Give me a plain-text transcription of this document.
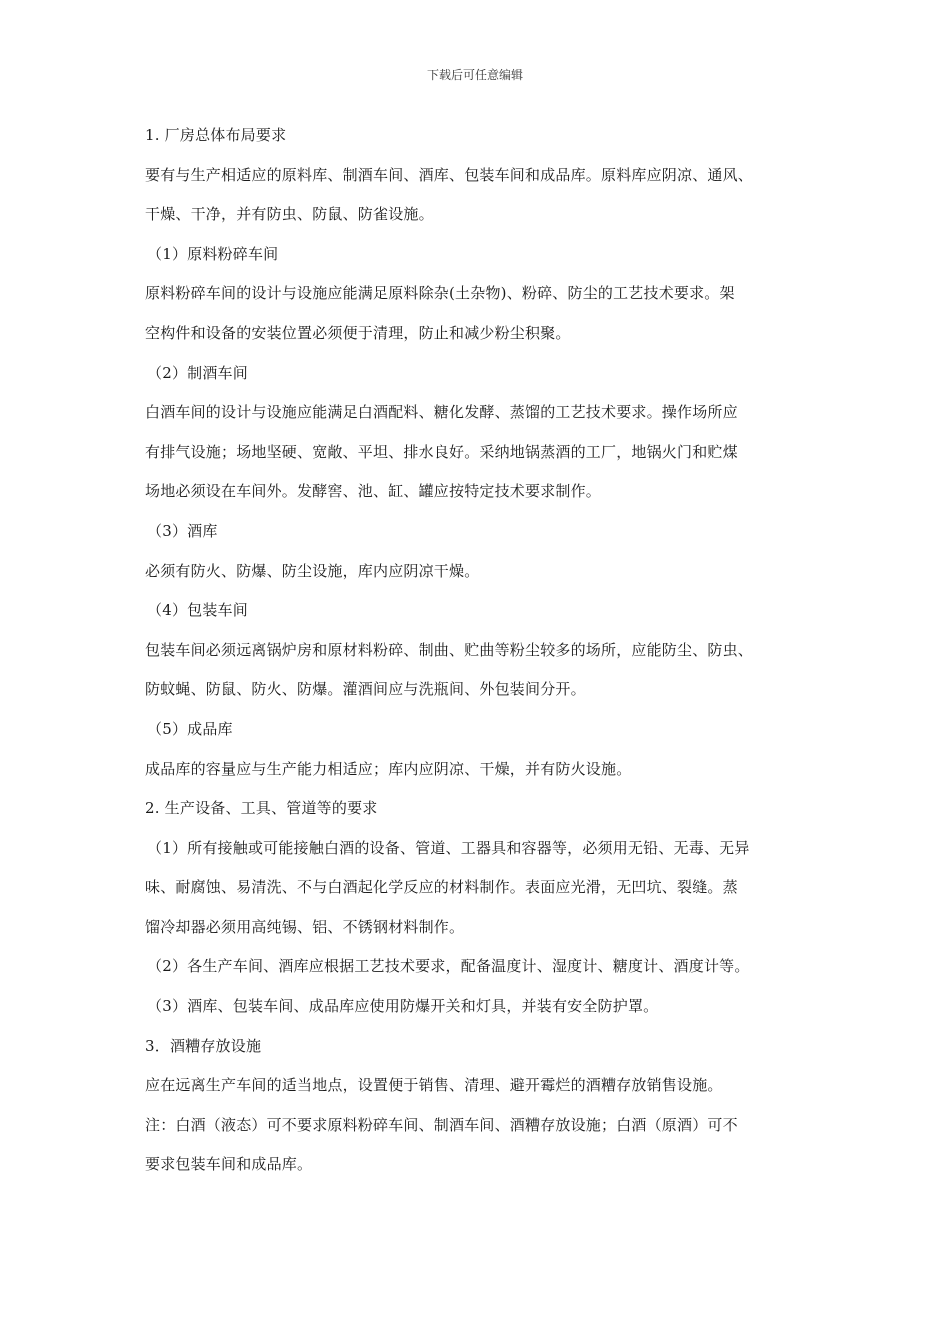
下载后可任意编辑
1. 厂房总体布局要求
要有与生产相适应的原料库、制酒车间、酒库、包装车间和成品库。原料库应阴凉、通风、
干燥、干净，并有防虫、防鼠、防雀设施。
（1）原料粉碎车间
原料粉碎车间的设计与设施应能满足原料除杂(土杂物)、粉碎、防尘的工艺技术要求。架
空构件和设备的安装位置必须便于清理，防止和减少粉尘积聚。
（2）制酒车间
白酒车间的设计与设施应能满足白酒配料、糖化发酵、蒸馏的工艺技术要求。操作场所应
有排气设施；场地坚硬、宽敞、平坦、排水良好。采纳地锅蒸酒的工厂，地锅火门和贮煤
场地必须设在车间外。发酵窖、池、缸、罐应按特定技术要求制作。
（3）酒库
必须有防火、防爆、防尘设施，库内应阴凉干燥。
（4）包装车间
包装车间必须远离锅炉房和原材料粉碎、制曲、贮曲等粉尘较多的场所，应能防尘、防虫、
防蚊蝇、防鼠、防火、防爆。灌酒间应与洗瓶间、外包装间分开。
（5）成品库
成品库的容量应与生产能力相适应；库内应阴凉、干燥，并有防火设施。
2. 生产设备、工具、管道等的要求
（1）所有接触或可能接触白酒的设备、管道、工器具和容器等，必须用无铅、无毒、无异
味、耐腐蚀、易清洗、不与白酒起化学反应的材料制作。表面应光滑，无凹坑、裂缝。蒸
馏冷却器必须用高纯锡、铝、不锈钢材料制作。
（2）各生产车间、酒库应根据工艺技术要求，配备温度计、湿度计、糖度计、酒度计等。
（3）酒库、包装车间、成品库应使用防爆开关和灯具，并装有安全防护罩。
3．酒糟存放设施
应在远离生产车间的适当地点，设置便于销售、清理、避开霉烂的酒糟存放销售设施。
注：白酒（液态）可不要求原料粉碎车间、制酒车间、酒糟存放设施；白酒（原酒）可不
要求包装车间和成品库。
